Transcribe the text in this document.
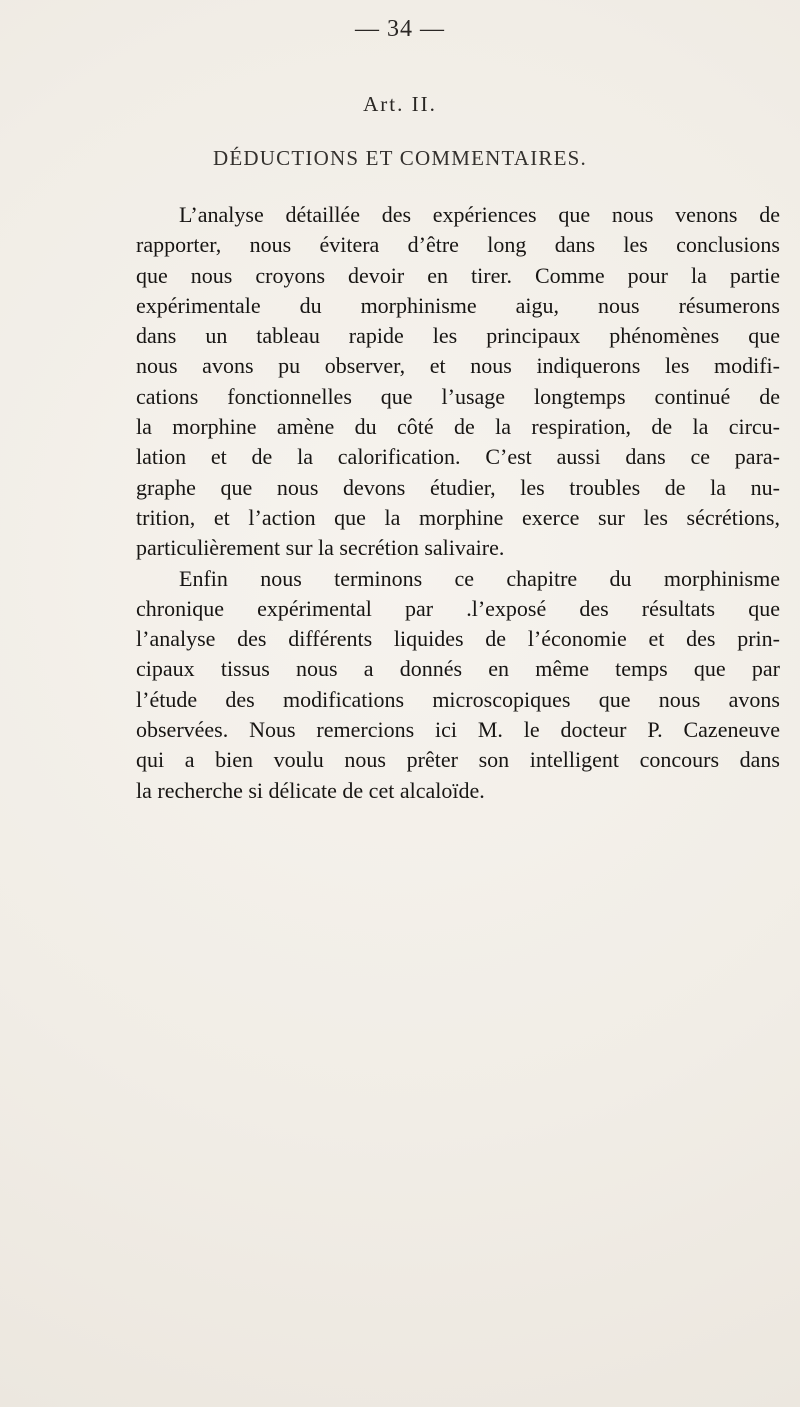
— 34 —
Art. II.
DÉDUCTIONS ET COMMENTAIRES.
L’analyse détaillée des expériences que nous venons de
rapporter, nous évitera d’être long dans les conclusions
que nous croyons devoir en tirer. Comme pour la partie
expérimentale du morphinisme aigu, nous résumerons
dans un tableau rapide les principaux phénomènes que
nous avons pu observer, et nous indiquerons les modifi-
cations fonctionnelles que l’usage longtemps continué de
la morphine amène du côté de la respiration, de la circu-
lation et de la calorification. C’est aussi dans ce para-
graphe que nous devons étudier, les troubles de la nu-
trition, et l’action que la morphine exerce sur les sécrétions,
particulièrement sur la secrétion salivaire.
Enfin nous terminons ce chapitre du morphinisme
chronique expérimental par .l’exposé des résultats que
l’analyse des différents liquides de l’économie et des prin-
cipaux tissus nous a donnés en même temps que par
l’étude des modifications microscopiques que nous avons
observées. Nous remercions ici M. le docteur P. Cazeneuve
qui a bien voulu nous prêter son intelligent concours dans
la recherche si délicate de cet alcaloïde.
